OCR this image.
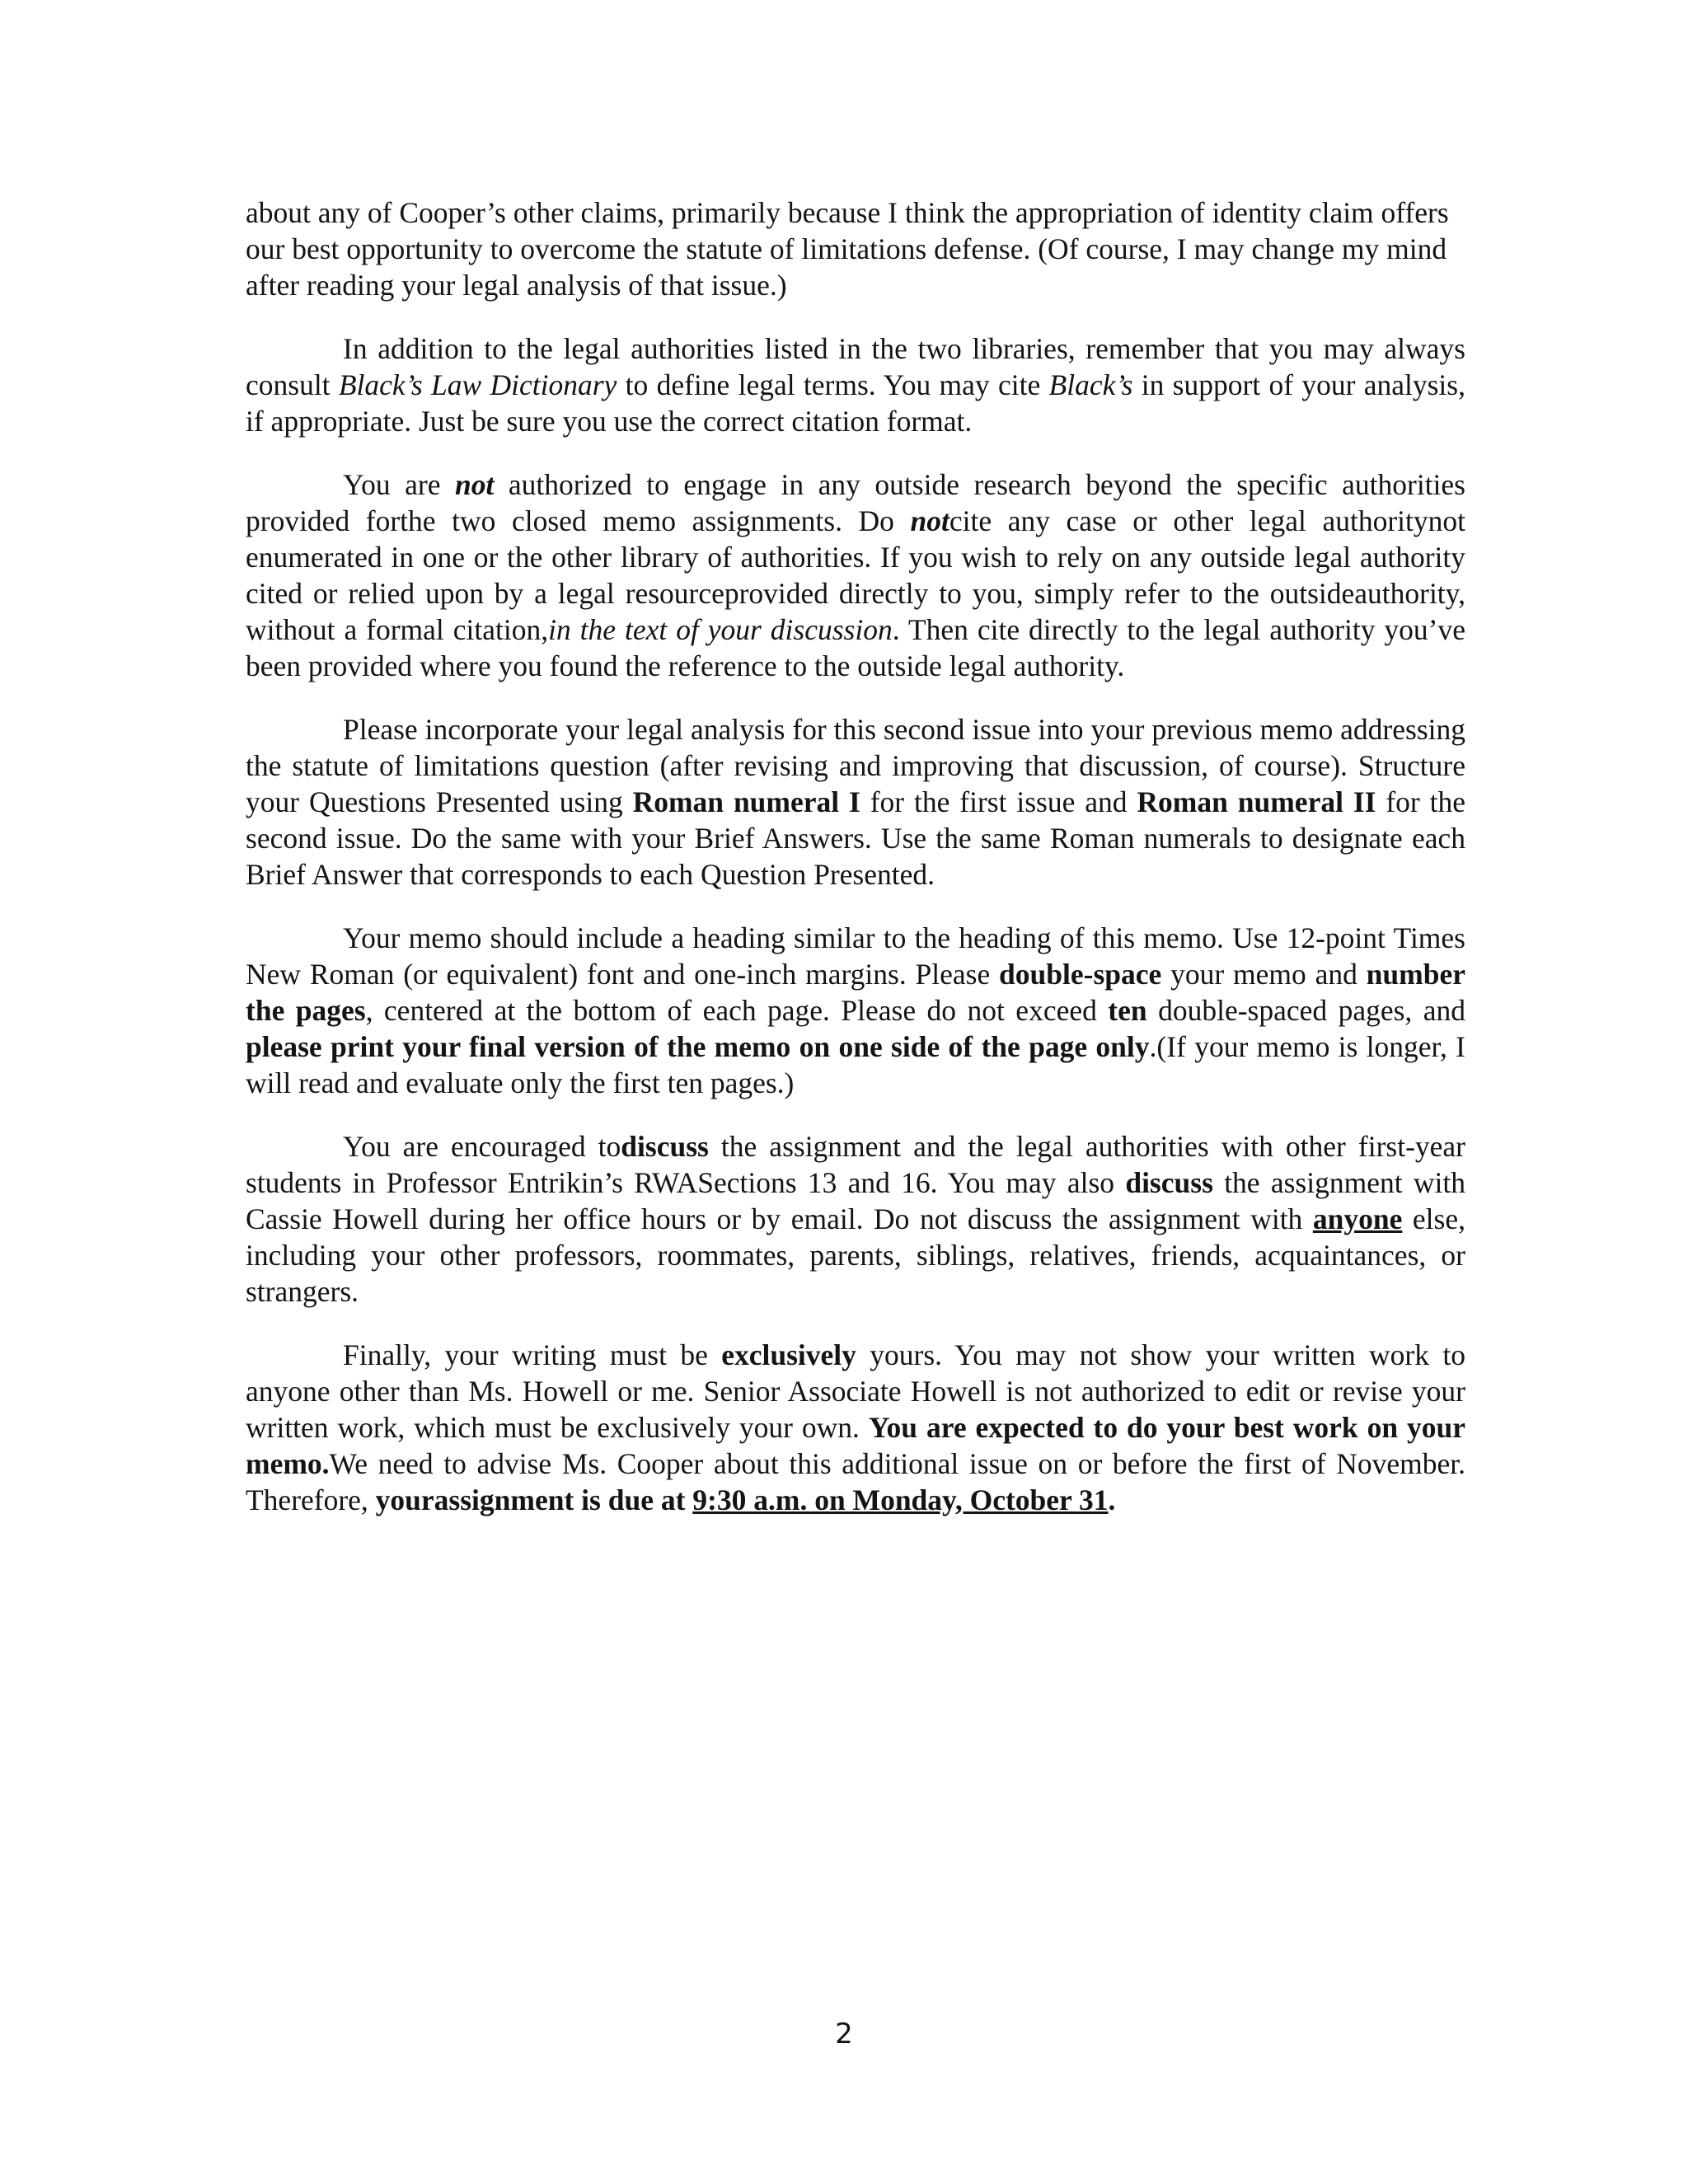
about any of Cooper’s other claims, primarily because I think the appropriation of identity claim offers our best opportunity to overcome the statute of limitations defense. (Of course, I may change my mind after reading your legal analysis of that issue.)

In addition to the legal authorities listed in the two libraries, remember that you may always consult Black’s Law Dictionary to define legal terms. You may cite Black’s in support of your analysis, if appropriate. Just be sure you use the correct citation format.

You are not authorized to engage in any outside research beyond the specific authorities provided forthe two closed memo assignments. Do notcite any case or other legal authoritynot enumerated in one or the other library of authorities. If you wish to rely on any outside legal authority cited or relied upon by a legal resourceprovided directly to you, simply refer to the outsideauthority, without a formal citation,in the text of your discussion. Then cite directly to the legal authority you’ve been provided where you found the reference to the outside legal authority.

Please incorporate your legal analysis for this second issue into your previous memo addressing the statute of limitations question (after revising and improving that discussion, of course). Structure your Questions Presented using Roman numeral I for the first issue and Roman numeral II for the second issue. Do the same with your Brief Answers. Use the same Roman numerals to designate each Brief Answer that corresponds to each Question Presented.

Your memo should include a heading similar to the heading of this memo. Use 12-point Times New Roman (or equivalent) font and one-inch margins. Please double-space your memo and number the pages, centered at the bottom of each page. Please do not exceed ten double-spaced pages, and please print your final version of the memo on one side of the page only.(If your memo is longer, I will read and evaluate only the first ten pages.)

You are encouraged todiscuss the assignment and the legal authorities with other first-year students in Professor Entrikin’s RWASections 13 and 16. You may also discuss the assignment with Cassie Howell during her office hours or by email. Do not discuss the assignment with anyone else, including your other professors, roommates, parents, siblings, relatives, friends, acquaintances, or strangers.

Finally, your writing must be exclusively yours. You may not show your written work to anyone other than Ms. Howell or me. Senior Associate Howell is not authorized to edit or revise your written work, which must be exclusively your own. You are expected to do your best work on your memo.We need to advise Ms. Cooper about this additional issue on or before the first of November. Therefore, yourassignment is due at 9:30 a.m. on Monday, October 31.

2
